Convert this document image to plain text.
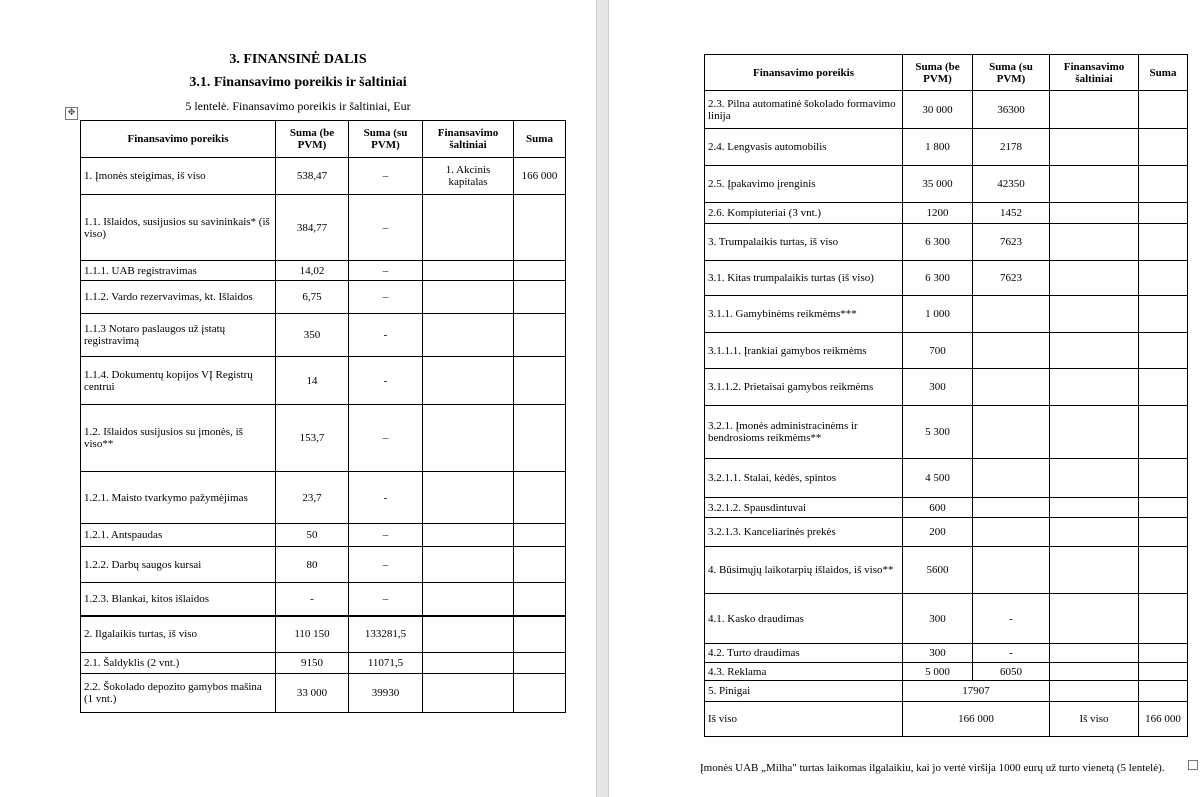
3. FINANSINĖ DALIS
3.1. Finansavimo poreikis ir šaltiniai
5 lentelė. Finansavimo poreikis ir šaltiniai, Eur
✥
Finansavimo poreikis	Suma (be PVM)	Suma (su PVM)	Finansavimo šaltiniai	Suma
1. Įmonės steigimas, iš viso	538,47	–	1. Akcinis kapitalas	166 000
1.1. Išlaidos, susijusios su savininkais* (iš viso)	384,77	–		
1.1.1. UAB registravimas	14,02	–		
1.1.2. Vardo rezervavimas, kt. Išlaidos	6,75	–		
1.1.3 Notaro paslaugos už įstatų registravimą	350	-		
1.1.4. Dokumentų kopijos VĮ Registrų centrui	14	-		
1.2. Išlaidos susijusios su įmonės, iš viso**	153,7	–		
1.2.1. Maisto tvarkymo pažymėjimas	23,7	-		
1.2.1. Antspaudas	50	–		
1.2.2. Darbų saugos kursai	80	–		
1.2.3. Blankai, kitos išlaidos	-	–		
2. Ilgalaikis turtas, iš viso	110 150	133281,5		
2.1. Šaldyklis (2 vnt.)	9150	11071,5		
2.2. Šokolado depozito gamybos mašina (1 vnt.)	33 000	39930		
Finansavimo poreikis	Suma (be PVM)	Suma (su PVM)	Finansavimo šaltiniai	Suma
2.3. Pilna automatinė šokolado formavimo linija	30 000	36300		
2.4. Lengvasis automobilis	1 800	2178		
2.5. Įpakavimo įrenginis	35 000	42350		
2.6. Kompiuteriai (3 vnt.)	1200	1452		
3. Trumpalaikis turtas, iš viso	6 300	7623		
3.1. Kitas trumpalaikis turtas (iš viso)	6 300	7623		
3.1.1. Gamybinėms reikmėms***	1 000			
3.1.1.1. Įrankiai gamybos reikmėms	700			
3.1.1.2. Prietaisai gamybos reikmėms	300			
3.2.1. Įmonės administracinėms ir bendrosioms reikmėms**	5 300			
3.2.1.1. Stalai, kėdės, spintos	4 500			
3.2.1.2. Spausdintuvai	600			
3.2.1.3. Kanceliarinės prekės	200			
4. Būsimųjų laikotarpių išlaidos, iš viso**	5600			
4.1. Kasko draudimas	300	-		
4.2. Turto draudimas	300	-		
4.3. Reklama	5 000	6050		
5. Pinigai	17907			
Iš viso	166 000		Iš viso	166 000
Įmonės UAB „Milha" turtas laikomas ilgalaikiu, kai jo vertė viršija 1000 eurų už turto vienetą (5 lentelė).
